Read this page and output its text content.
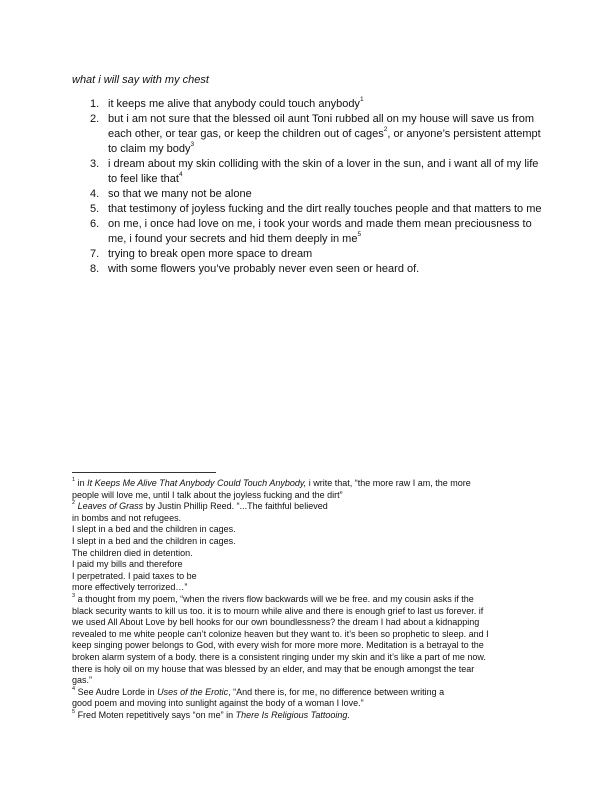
what i will say with my chest
1. it keeps me alive that anybody could touch anybody$^1$
2. but i am not sure that the blessed oil aunt Toni rubbed all on my house will save us from each other, or tear gas, or keep the children out of cages$^2$, or anyone’s persistent attempt to claim my body$^3$
3. i dream about my skin colliding with the skin of a lover in the sun, and i want all of my life to feel like that$^4$
4. so that we many not be alone
5. that testimony of joyless fucking and the dirt really touches people and that matters to me
6. on me, i once had love on me, i took your words and made them mean preciousness to me, i found your secrets and hid them deeply in $me^5$
7. trying to break open more space to dream
8. with some flowers you’ve probably never even seen or heard of.
$^1$ in It Keeps Me Alive That Anybody Could Touch Anybody, i write that, “the more raw I am, the more
people will love me, until I talk about the joyless fucking and the dirt”
$^2$ Leaves of Grass by Justin Phillip Reed. “...The faithful believed
in bombs and not refugees.
I slept in a bed and the children in cages.
I slept in a bed and the children in cages.
The children died in detention.
I paid my bills and therefore
I perpetrated. I paid taxes to be
more effectively terrorized…”
$^3$ a thought from my poem, “when the rivers flow backwards will we be free. and my cousin asks if the
black security wants to kill us too. it is to mourn while alive and there is enough grief to last us forever. if
we used All About Love by bell hooks for our own boundlessness? the dream I had about a kidnapping
revealed to me white people can’t colonize heaven but they want to. it’s been so prophetic to sleep. and I
keep singing power belongs to God, with every wish for more more more. Meditation is a betrayal to the
broken alarm system of a body. there is a consistent ringing under my skin and it’s like a part of me now.
there is holy oil on my house that was blessed by an elder, and may that be enough amongst the tear
gas.”
$^4$ See Audre Lorde in Uses of the Erotic, “And there is, for me, no difference between writing a
good poem and moving into sunlight against the body of a woman I love.”
$^5$ Fred Moten repetitively says “on me” in There Is Religious Tattooing.
